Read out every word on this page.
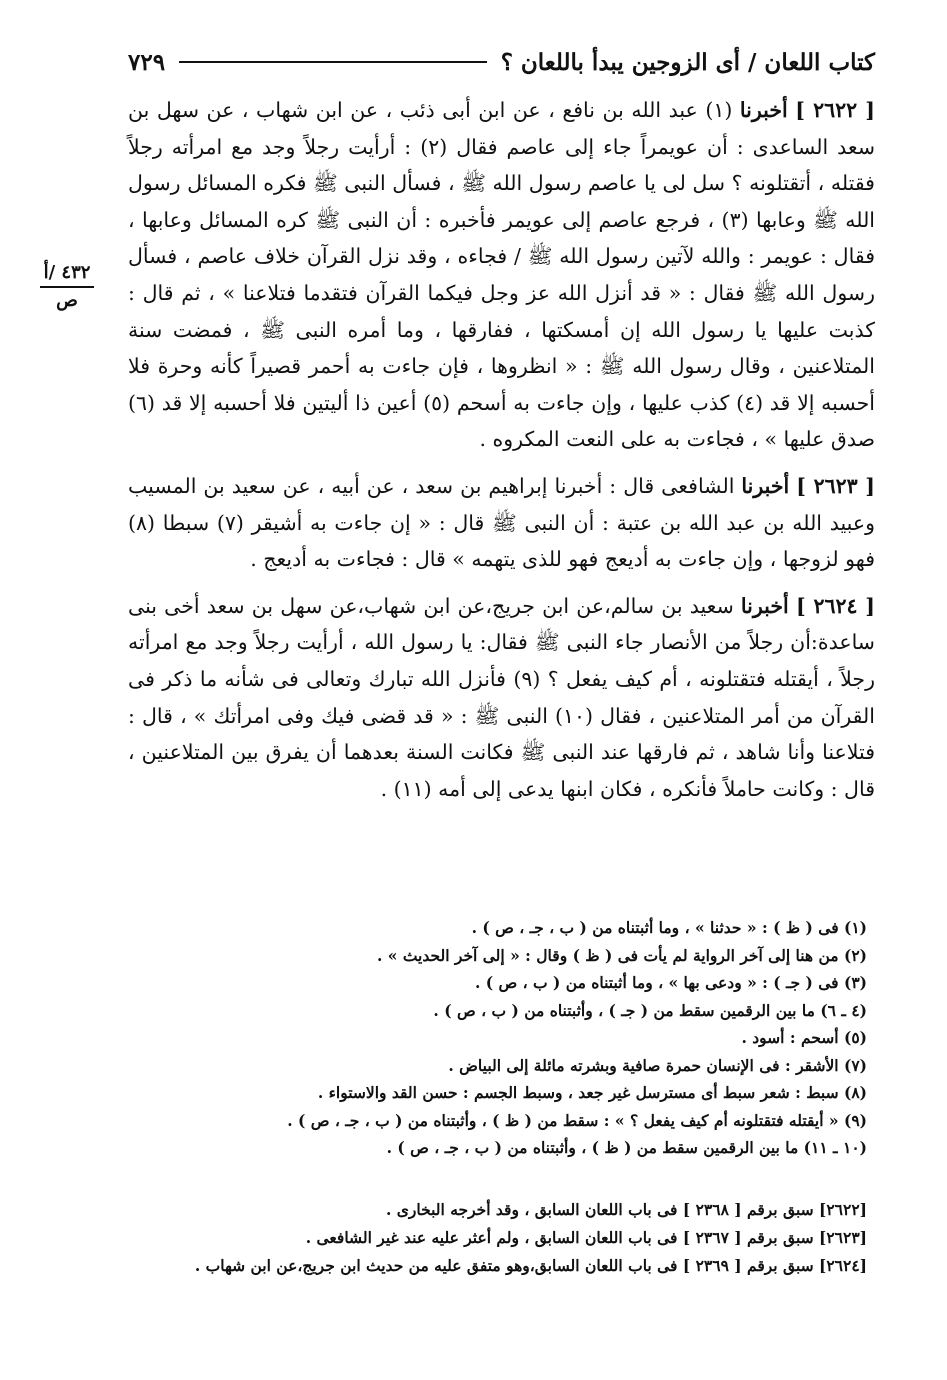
كتاب اللعان / أى الزوجين يبدأ باللعان ؟
٧٢٩
٤٣٢ /أ
ص

[ ٢٦٢٢ ] أخبرنا (١) عبد الله بن نافع ، عن ابن أبى ذئب ، عن ابن شهاب ، عن سهل بن سعد الساعدى : أن عويمراً جاء إلى عاصم فقال (٢) : أرأيت رجلاً وجد مع امرأته رجلاً فقتله ، أتقتلونه ؟ سل لى يا عاصم رسول الله ﷺ ، فسأل النبى ﷺ فكره المسائل رسول الله ﷺ وعابها (٣) ، فرجع عاصم إلى عويمر فأخبره : أن النبى ﷺ كره المسائل وعابها ، فقال : عويمر : والله لآتين رسول الله ﷺ / فجاءه ، وقد نزل القرآن خلاف عاصم ، فسأل رسول الله ﷺ فقال : « قد أنزل الله عز وجل فيكما القرآن فتقدما فتلاعنا » ، ثم قال : كذبت عليها يا رسول الله إن أمسكتها ، ففارقها ، وما أمره النبى ﷺ ، فمضت سنة المتلاعنين ، وقال رسول الله ﷺ : « انظروها ، فإن جاءت به أحمر قصيراً كأنه وحرة فلا أحسبه إلا قد (٤) كذب عليها ، وإن جاءت به أسحم (٥) أعين ذا أليتين فلا أحسبه إلا قد (٦) صدق عليها » ، فجاءت به على النعت المكروه .

[ ٢٦٢٣ ] أخبرنا الشافعى قال : أخبرنا إبراهيم بن سعد ، عن أبيه ، عن سعيد بن المسيب وعبيد الله بن عبد الله بن عتبة : أن النبى ﷺ قال : « إن جاءت به أشيقر (٧) سبطا (٨) فهو لزوجها ، وإن جاءت به أديعج فهو للذى يتهمه » قال : فجاءت به أديعج .

[ ٢٦٢٤ ] أخبرنا سعيد بن سالم،عن ابن جريج،عن ابن شهاب،عن سهل بن سعد أخى بنى ساعدة:أن رجلاً من الأنصار جاء النبى ﷺ فقال: يا رسول الله ، أرأيت رجلاً وجد مع امرأته رجلاً ، أيقتله فتقتلونه ، أم كيف يفعل ؟ (٩) فأنزل الله تبارك وتعالى فى شأنه ما ذكر فى القرآن من أمر المتلاعنين ، فقال (١٠) النبى ﷺ : « قد قضى فيك وفى امرأتك » ، قال : فتلاعنا وأنا شاهد ، ثم فارقها عند النبى ﷺ فكانت السنة بعدهما أن يفرق بين المتلاعنين ، قال : وكانت حاملاً فأنكره ، فكان ابنها يدعى إلى أمه (١١) .

(١) فى ( ظ ) : « حدثنا » ، وما أثبتناه من ( ب ، جـ ، ص ) .
(٢) من هنا إلى آخر الرواية لم يأت فى ( ظ ) وقال : « إلى آخر الحديث » .
(٣) فى ( جـ ) : « ودعى بها » ، وما أثبتناه من ( ب ، ص ) .
(٤ ـ ٦) ما بين الرقمين سقط من ( جـ ) ، وأثبتناه من ( ب ، ص ) .
(٥) أسحم : أسود .
(٧) الأشقر : فى الإنسان حمرة صافية وبشرته مائلة إلى البياض .
(٨) سبط : شعر سبط أى مسترسل غير جعد ، وسبط الجسم : حسن القد والاستواء .
(٩) « أيقتله فتقتلونه أم كيف يفعل ؟ » : سقط من ( ظ ) ، وأثبتناه من ( ب ، جـ ، ص ) .
(١٠ ـ ١١) ما بين الرقمين سقط من ( ظ ) ، وأثبتناه من ( ب ، جـ ، ص ) .
[٢٦٢٢] سبق برقم [ ٢٣٦٨ ] فى باب اللعان السابق ، وقد أخرجه البخارى .
[٢٦٢٣] سبق برقم [ ٢٣٦٧ ] فى باب اللعان السابق ، ولم أعثر عليه عند غير الشافعى .
[٢٦٢٤] سبق برقم [ ٢٣٦٩ ] فى باب اللعان السابق،وهو متفق عليه من حديث ابن جريج،عن ابن شهاب .
